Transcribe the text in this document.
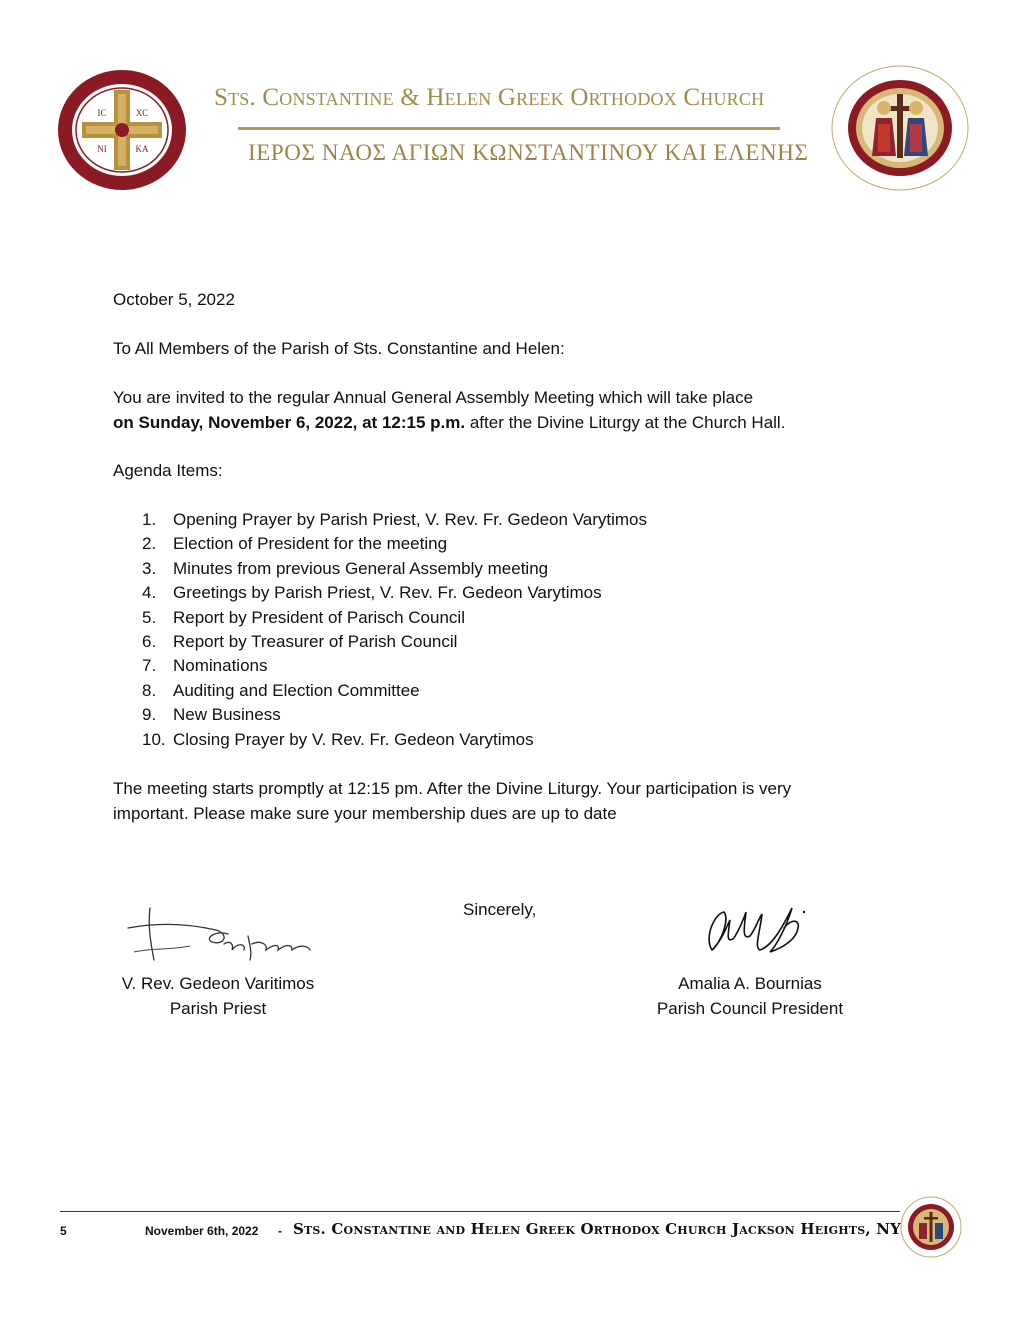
IC	XC
NI	KA
Sts. Constantine & Helen Greek Orthodox Church
ΙΕΡΟΣ ΝΑΟΣ ΑΓΙΩΝ ΚΩΝΣΤΑΝΤΙΝΟΥ ΚΑΙ ΕΛΕΝΗΣ
October 5, 2022
To All Members of the Parish of Sts. Constantine and Helen:
You are invited to the regular Annual General Assembly Meeting which will take place
on Sunday, November 6, 2022, at 12:15 p.m. after the Divine Liturgy at the Church Hall.
Agenda Items:
1. Opening Prayer by Parish Priest, V. Rev. Fr. Gedeon Varytimos
2. Election of President for the meeting
3. Minutes from previous General Assembly meeting
4. Greetings by Parish Priest, V. Rev. Fr. Gedeon Varytimos
5. Report by President of Parisch Council
6. Report by Treasurer of Parish Council
7. Nominations
8. Auditing and Election Committee
9. New Business
10. Closing Prayer by V. Rev. Fr. Gedeon Varytimos
The meeting starts promptly at 12:15 pm. After the Divine Liturgy. Your participation is very
important. Please make sure your membership dues are up to date
Sincerely,
V. Rev. Gedeon Varitimos
Parish Priest
Amalia A. Bournias
Parish Council President
5	November 6th, 2022 - Sts. Constantine and Helen Greek Orthodox Church Jackson Heights, NY
